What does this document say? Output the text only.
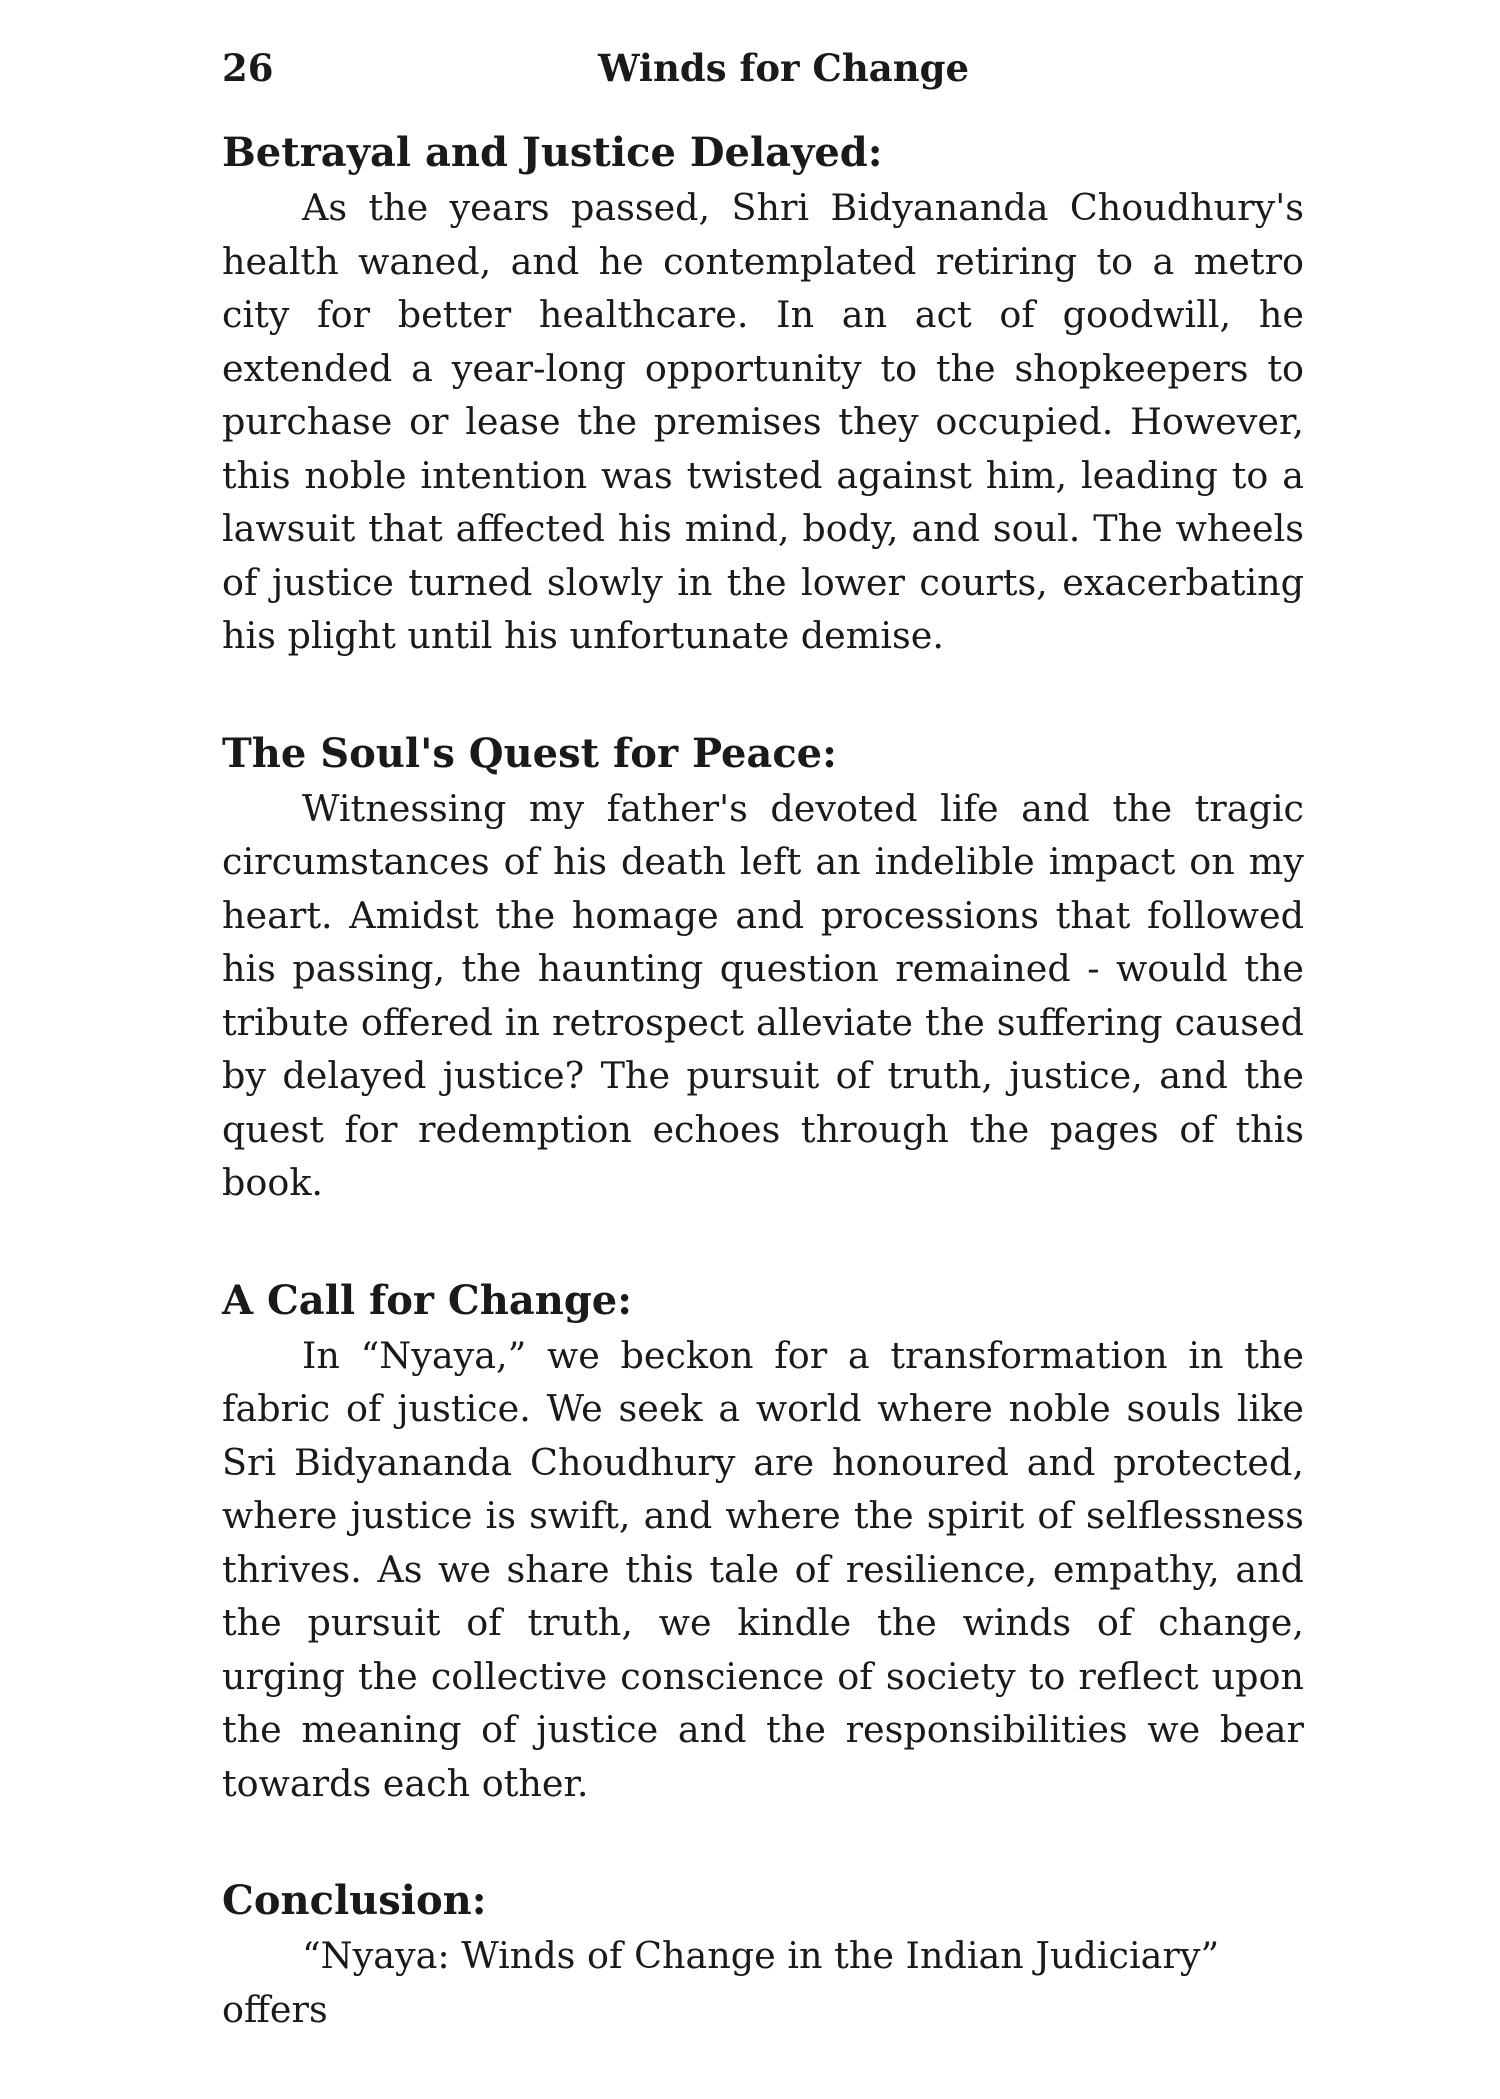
26	Winds for Change
Betrayal and Justice Delayed:

As the years passed, Shri Bidyananda Choudhury's health waned, and he contemplated retiring to a metro city for better healthcare. In an act of goodwill, he extended a year-long opportunity to the shopkeepers to purchase or lease the premises they occupied. However, this noble intention was twisted against him, leading to a lawsuit that affected his mind, body, and soul. The wheels of justice turned slowly in the lower courts, exacerbating his plight until his unfortunate demise.

The Soul's Quest for Peace:

Witnessing my father's devoted life and the tragic circumstances of his death left an indelible impact on my heart. Amidst the homage and processions that followed his passing, the haunting question remained - would the tribute offered in retrospect alleviate the suffering caused by delayed justice? The pursuit of truth, justice, and the quest for redemption echoes through the pages of this book.

A Call for Change:

In “Nyaya,” we beckon for a transformation in the fabric of justice. We seek a world where noble souls like Sri Bidyananda Choudhury are honoured and protected, where justice is swift, and where the spirit of selflessness thrives. As we share this tale of resilience, empathy, and the pursuit of truth, we kindle the winds of change, urging the collective conscience of society to reflect upon the meaning of justice and the responsibilities we bear towards each other.

Conclusion:

“Nyaya: Winds of Change in the Indian Judiciary” offers
